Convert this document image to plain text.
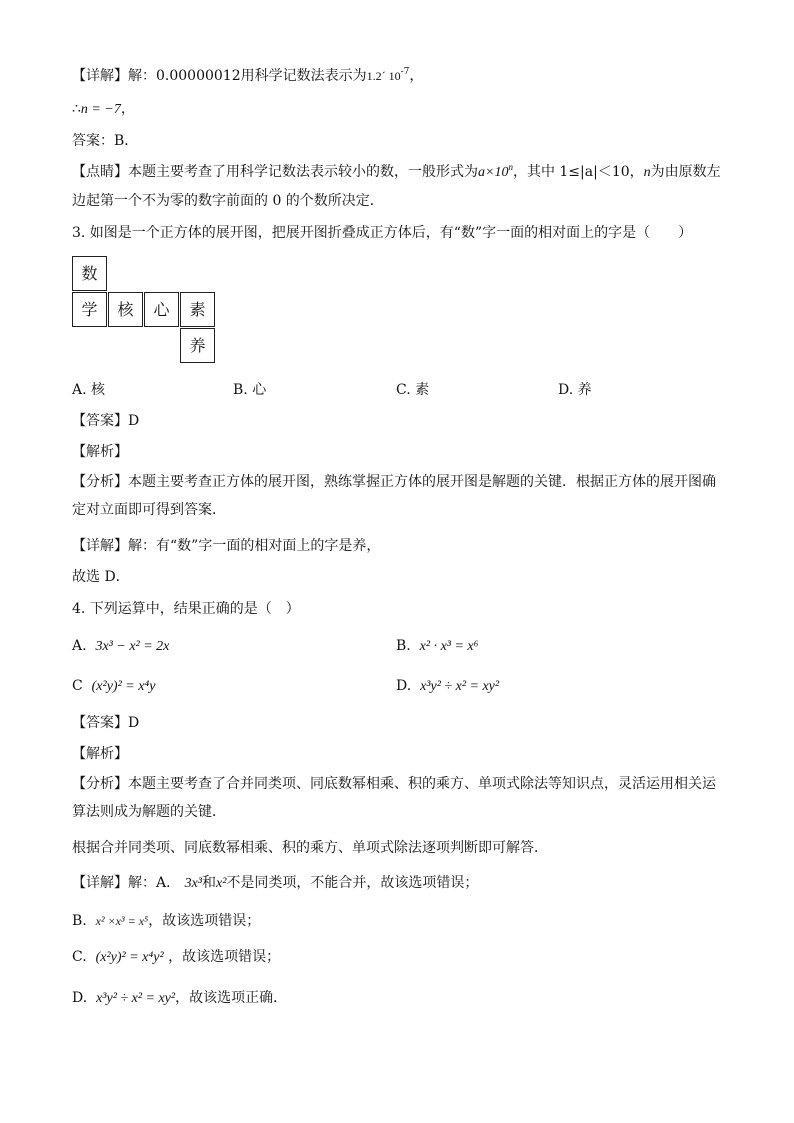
【详解】解：0.00000012用科学记数法表示为1.2´ $10^{-7}$，
∴n = −7，
答案：B．
【点睛】本题主要考查了用科学记数法表示较小的数，一般形式为$a\times 10^n$，其中 1≤|a|＜10，n为由原数左
边起第一个不为零的数字前面的 0 的个数所决定．
3. 如图是一个正方体的展开图，把展开图折叠成正方体后，有“数”字一面的相对面上的字是（　　）
数
学	核	心	素
养
A. 核	B. 心	C. 素	D. 养
【答案】D
【解析】
【分析】本题主要考查正方体的展开图，熟练掌握正方体的展开图是解题的关键．根据正方体的展开图确定对立面即可得到答案．
【详解】解：有“数”字一面的相对面上的字是养，
故选 D．
4. 下列运算中，结果正确的是（　）
A. 3x³ − x² = 2x	B. x² · x³ = x⁶
C (x²y)² = x⁴y	D. x³y² ÷ x² = xy²
【答案】D
【解析】
【分析】本题主要考查了合并同类项、同底数幂相乘、积的乘方、单项式除法等知识点，灵活运用相关运算法则成为解题的关键．
根据合并同类项、同底数幂相乘、积的乘方、单项式除法逐项判断即可解答．
【详解】解：A． 3x³和x²不是同类项，不能合并，故该选项错误；
B. x² ×x³ = x⁵，故该选项错误；
C. (x²y)² = x⁴y² ，故该选项错误；
D. x³y² ÷ x² = xy²，故该选项正确．
